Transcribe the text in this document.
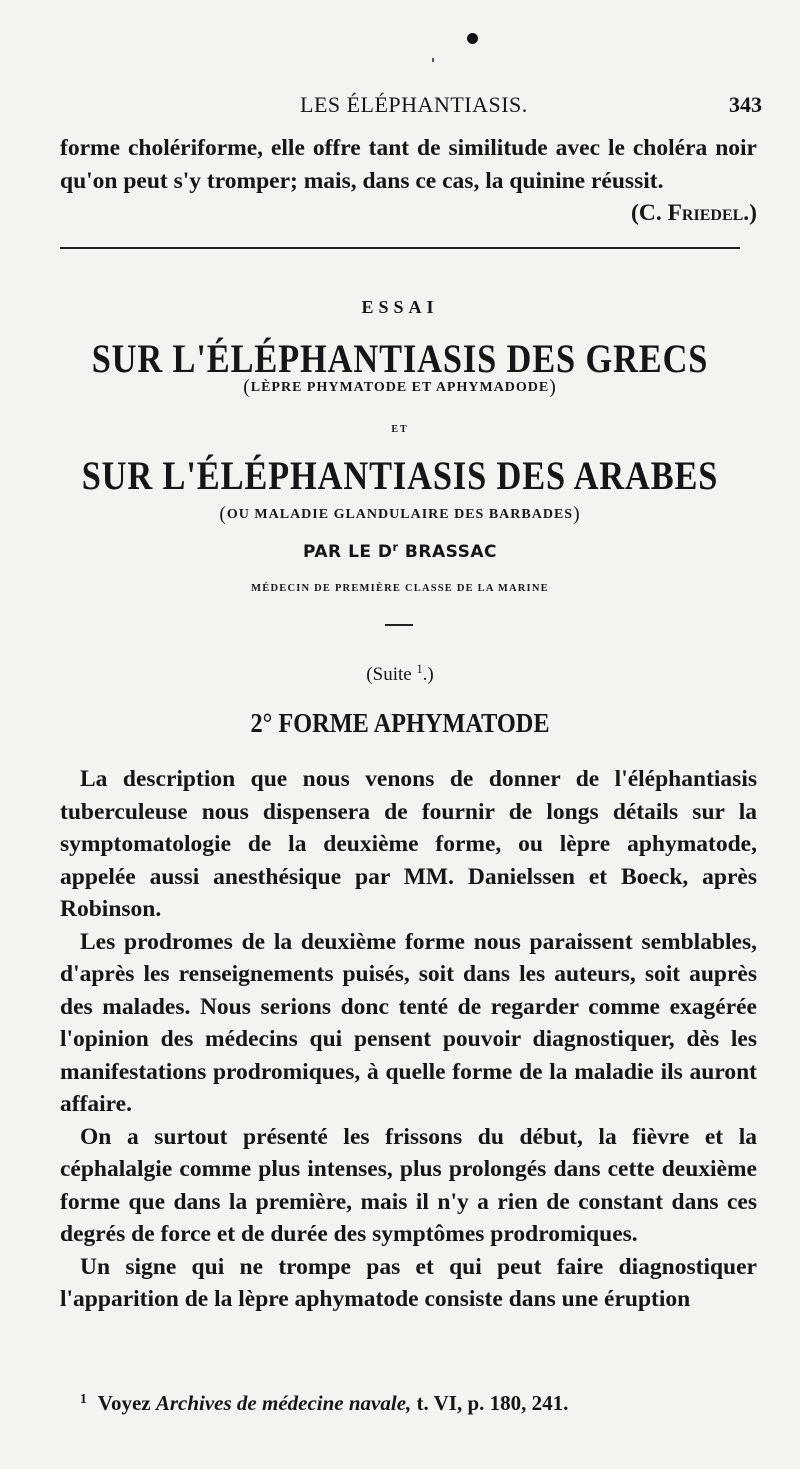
LES ÉLÉPHANTIASIS.	343

forme cholériforme, elle offre tant de similitude avec le choléra noir qu'on peut s'y tromper; mais, dans ce cas, la quinine réussit.
(C. Friedel.)

ESSAI
SUR L'ÉLÉPHANTIASIS DES GRECS
(LÈPRE PHYMATODE ET APHYMADODE)
ET
SUR L'ÉLÉPHANTIASIS DES ARABES
(OU MALADIE GLANDULAIRE DES BARBADES)
PAR LE $D^r$ BRASSAC
MÉDECIN DE PREMIÈRE CLASSE DE LA MARINE
(Suite $^1$.)
2° FORME APHYMATODE

La description que nous venons de donner de l'éléphantiasis tuberculeuse nous dispensera de fournir de longs détails sur la symptomatologie de la deuxième forme, ou lèpre aphymatode, appelée aussi anesthésique par MM. Danielssen et Boeck, après Robinson.

Les prodromes de la deuxième forme nous paraissent semblables, d'après les renseignements puisés, soit dans les auteurs, soit auprès des malades. Nous serions donc tenté de regarder comme exagérée l'opinion des médecins qui pensent pouvoir diagnostiquer, dès les manifestations prodromiques, à quelle forme de la maladie ils auront affaire.

On a surtout présenté les frissons du début, la fièvre et la céphalalgie comme plus intenses, plus prolongés dans cette deuxième forme que dans la première, mais il n'y a rien de constant dans ces degrés de force et de durée des symptômes prodromiques.

Un signe qui ne trompe pas et qui peut faire diagnostiquer l'apparition de la lèpre aphymatode consiste dans une éruption

$^1$ Voyez Archives de médecine navale, t. VI, p. 180, 241.
